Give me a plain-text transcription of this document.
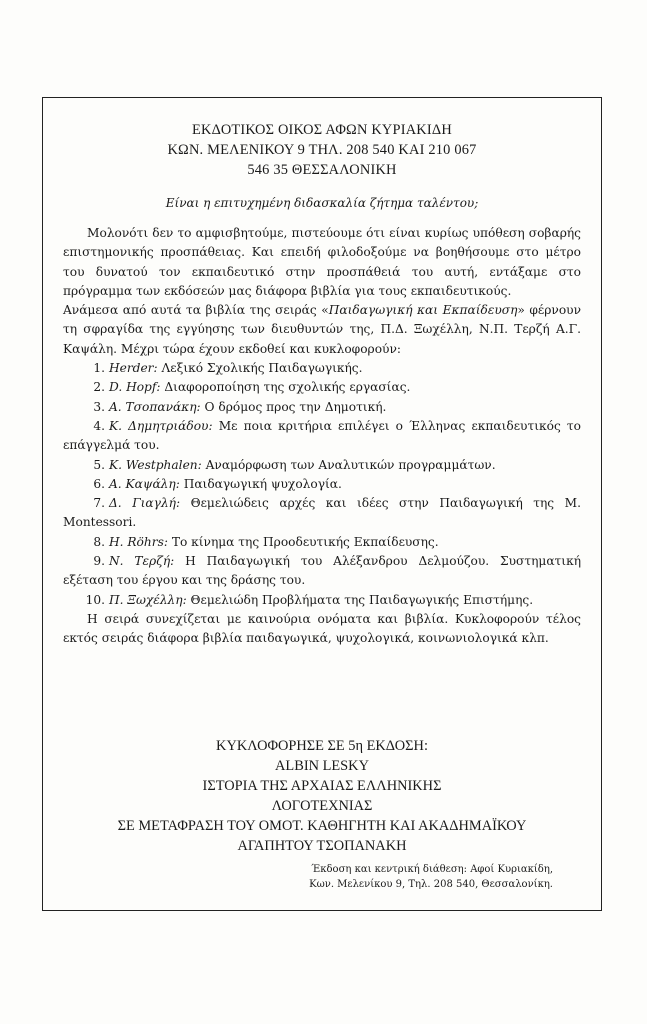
ΕΚΔΟΤΙΚΟΣ ΟΙΚΟΣ ΑΦΩΝ ΚΥΡΙΑΚΙΔΗ
ΚΩΝ. ΜΕΛΕΝΙΚΟΥ 9 ΤΗΛ. 208 540 ΚΑΙ 210 067
546 35 ΘΕΣΣΑΛΟΝΙΚΗ
Είναι η επιτυχημένη διδασκαλία ζήτημα ταλέντου;

Μολονότι δεν το αμφισβητούμε, πιστεύουμε ότι είναι κυρίως υπόθεση σοβαρής επιστημονικής προσπάθειας. Και επειδή φιλοδοξούμε να βοηθήσουμε στο μέτρο του δυνατού τον εκπαιδευτικό στην προσπάθειά του αυτή, εντάξαμε στο πρόγραμμα των εκδόσεών μας διάφορα βιβλία για τους εκπαιδευτικούς.

Ανάμεσα από αυτά τα βιβλία της σειράς «Παιδαγωγική και Εκπαίδευση» φέρνουν τη σφραγίδα της εγγύησης των διευθυντών της, Π.Δ. Ξωχέλλη, Ν.Π. Τερζή Α.Γ. Καψάλη. Μέχρι τώρα έχουν εκδοθεί και κυκλοφορούν:

1. Herder: Λεξικό Σχολικής Παιδαγωγικής.

2. D. Hopf: Διαφοροποίηση της σχολικής εργασίας.

3. Α. Τσοπανάκη: Ο δρόμος προς την Δημοτική.

4. Κ. Δημητριάδου: Με ποια κριτήρια επιλέγει ο Έλληνας εκπαιδευτικός το επάγγελμά του.

5. K. Westphalen: Αναμόρφωση των Αναλυτικών προγραμμάτων.

6. Α. Καψάλη: Παιδαγωγική ψυχολογία.

7. Δ. Γιαγλή: Θεμελιώδεις αρχές και ιδέες στην Παιδαγωγική της M. Montessori.

8. H. Röhrs: Το κίνημα της Προοδευτικής Εκπαίδευσης.

9. Ν. Τερζή: Η Παιδαγωγική του Αλέξανδρου Δελμούζου. Συστηματική εξέταση του έργου και της δράσης του.

10. Π. Ξωχέλλη: Θεμελιώδη Προβλήματα της Παιδαγωγικής Επιστήμης.

Η σειρά συνεχίζεται με καινούρια ονόματα και βιβλία. Κυκλοφορούν τέλος εκτός σειράς διάφορα βιβλία παιδαγωγικά, ψυχολογικά, κοινωνιολογικά κλπ.

ΚΥΚΛΟΦΟΡΗΣΕ ΣΕ 5η ΕΚΔΟΣΗ:
ALBIN LESKY
ΙΣΤΟΡΙΑ ΤΗΣ ΑΡΧΑΙΑΣ ΕΛΛΗΝΙΚΗΣ
ΛΟΓΟΤΕΧΝΙΑΣ
ΣΕ ΜΕΤΑΦΡΑΣΗ ΤΟΥ ΟΜΟΤ. ΚΑΘΗΓΗΤΗ ΚΑΙ ΑΚΑΔΗΜΑΪΚΟΥ
ΑΓΑΠΗΤΟΥ ΤΣΟΠΑΝΑΚΗ
Έκδοση και κεντρική διάθεση: Αφοί Κυριακίδη,
Κων. Μελενίκου 9, Τηλ. 208 540, Θεσσαλονίκη.
